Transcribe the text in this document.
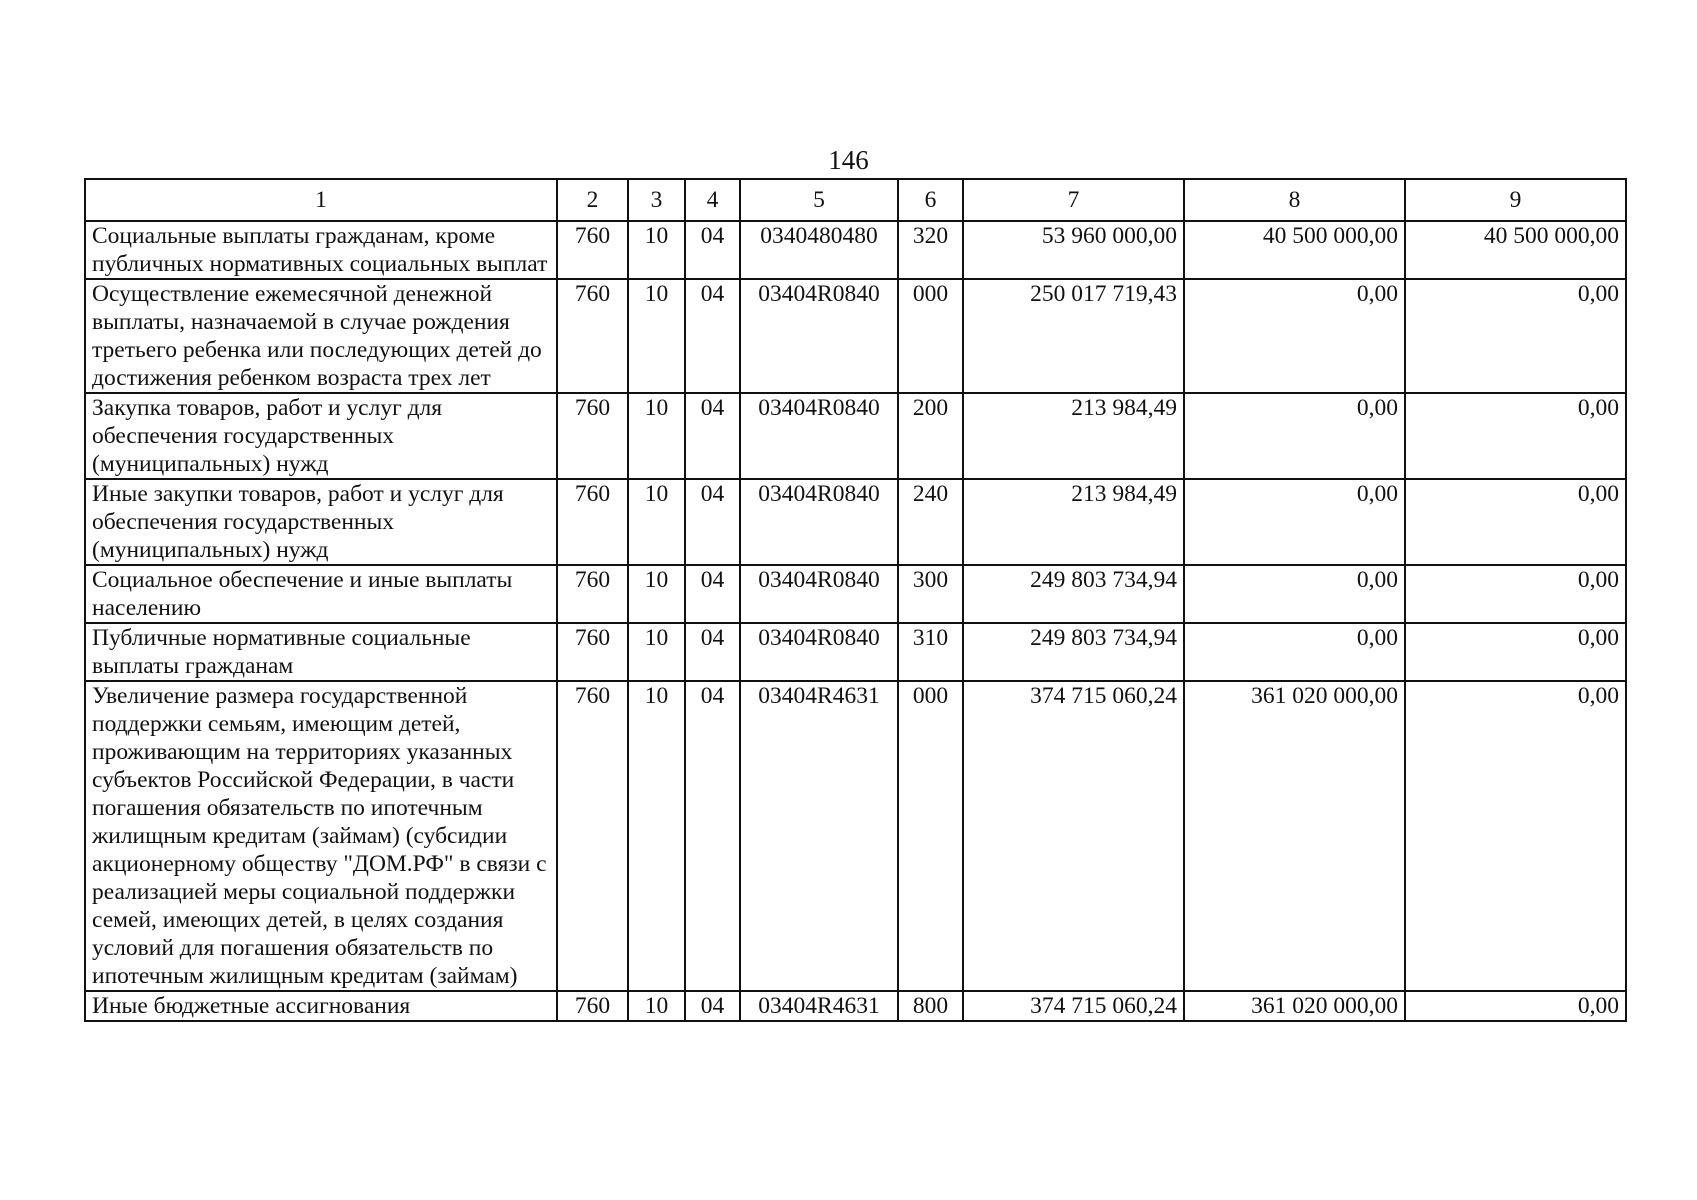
146
1	2	3	4	5	6	7	8	9
Социальные выплаты гражданам, кроме публичных нормативных социальных выплат	760	10	04	0340480480	320	53 960 000,00	40 500 000,00	40 500 000,00
Осуществление ежемесячной денежной выплаты, назначаемой в случае рождения третьего ребенка или последующих детей до достижения ребенком возраста трех лет	760	10	04	03404R0840	000	250 017 719,43	0,00	0,00
Закупка товаров, работ и услуг для обеспечения государственных (муниципальных) нужд	760	10	04	03404R0840	200	213 984,49	0,00	0,00
Иные закупки товаров, работ и услуг для обеспечения государственных (муниципальных) нужд	760	10	04	03404R0840	240	213 984,49	0,00	0,00
Социальное обеспечение и иные выплаты населению	760	10	04	03404R0840	300	249 803 734,94	0,00	0,00
Публичные нормативные социальные выплаты гражданам	760	10	04	03404R0840	310	249 803 734,94	0,00	0,00
Увеличение размера государственной поддержки семьям, имеющим детей, проживающим на территориях указанных субъектов Российской Федерации, в части погашения обязательств по ипотечным жилищным кредитам (займам) (субсидии акционерному обществу "ДОМ.РФ" в связи с реализацией меры социальной поддержки семей, имеющих детей, в целях создания условий для погашения обязательств по ипотечным жилищным кредитам (займам)	760	10	04	03404R4631	000	374 715 060,24	361 020 000,00	0,00
Иные бюджетные ассигнования	760	10	04	03404R4631	800	374 715 060,24	361 020 000,00	0,00
